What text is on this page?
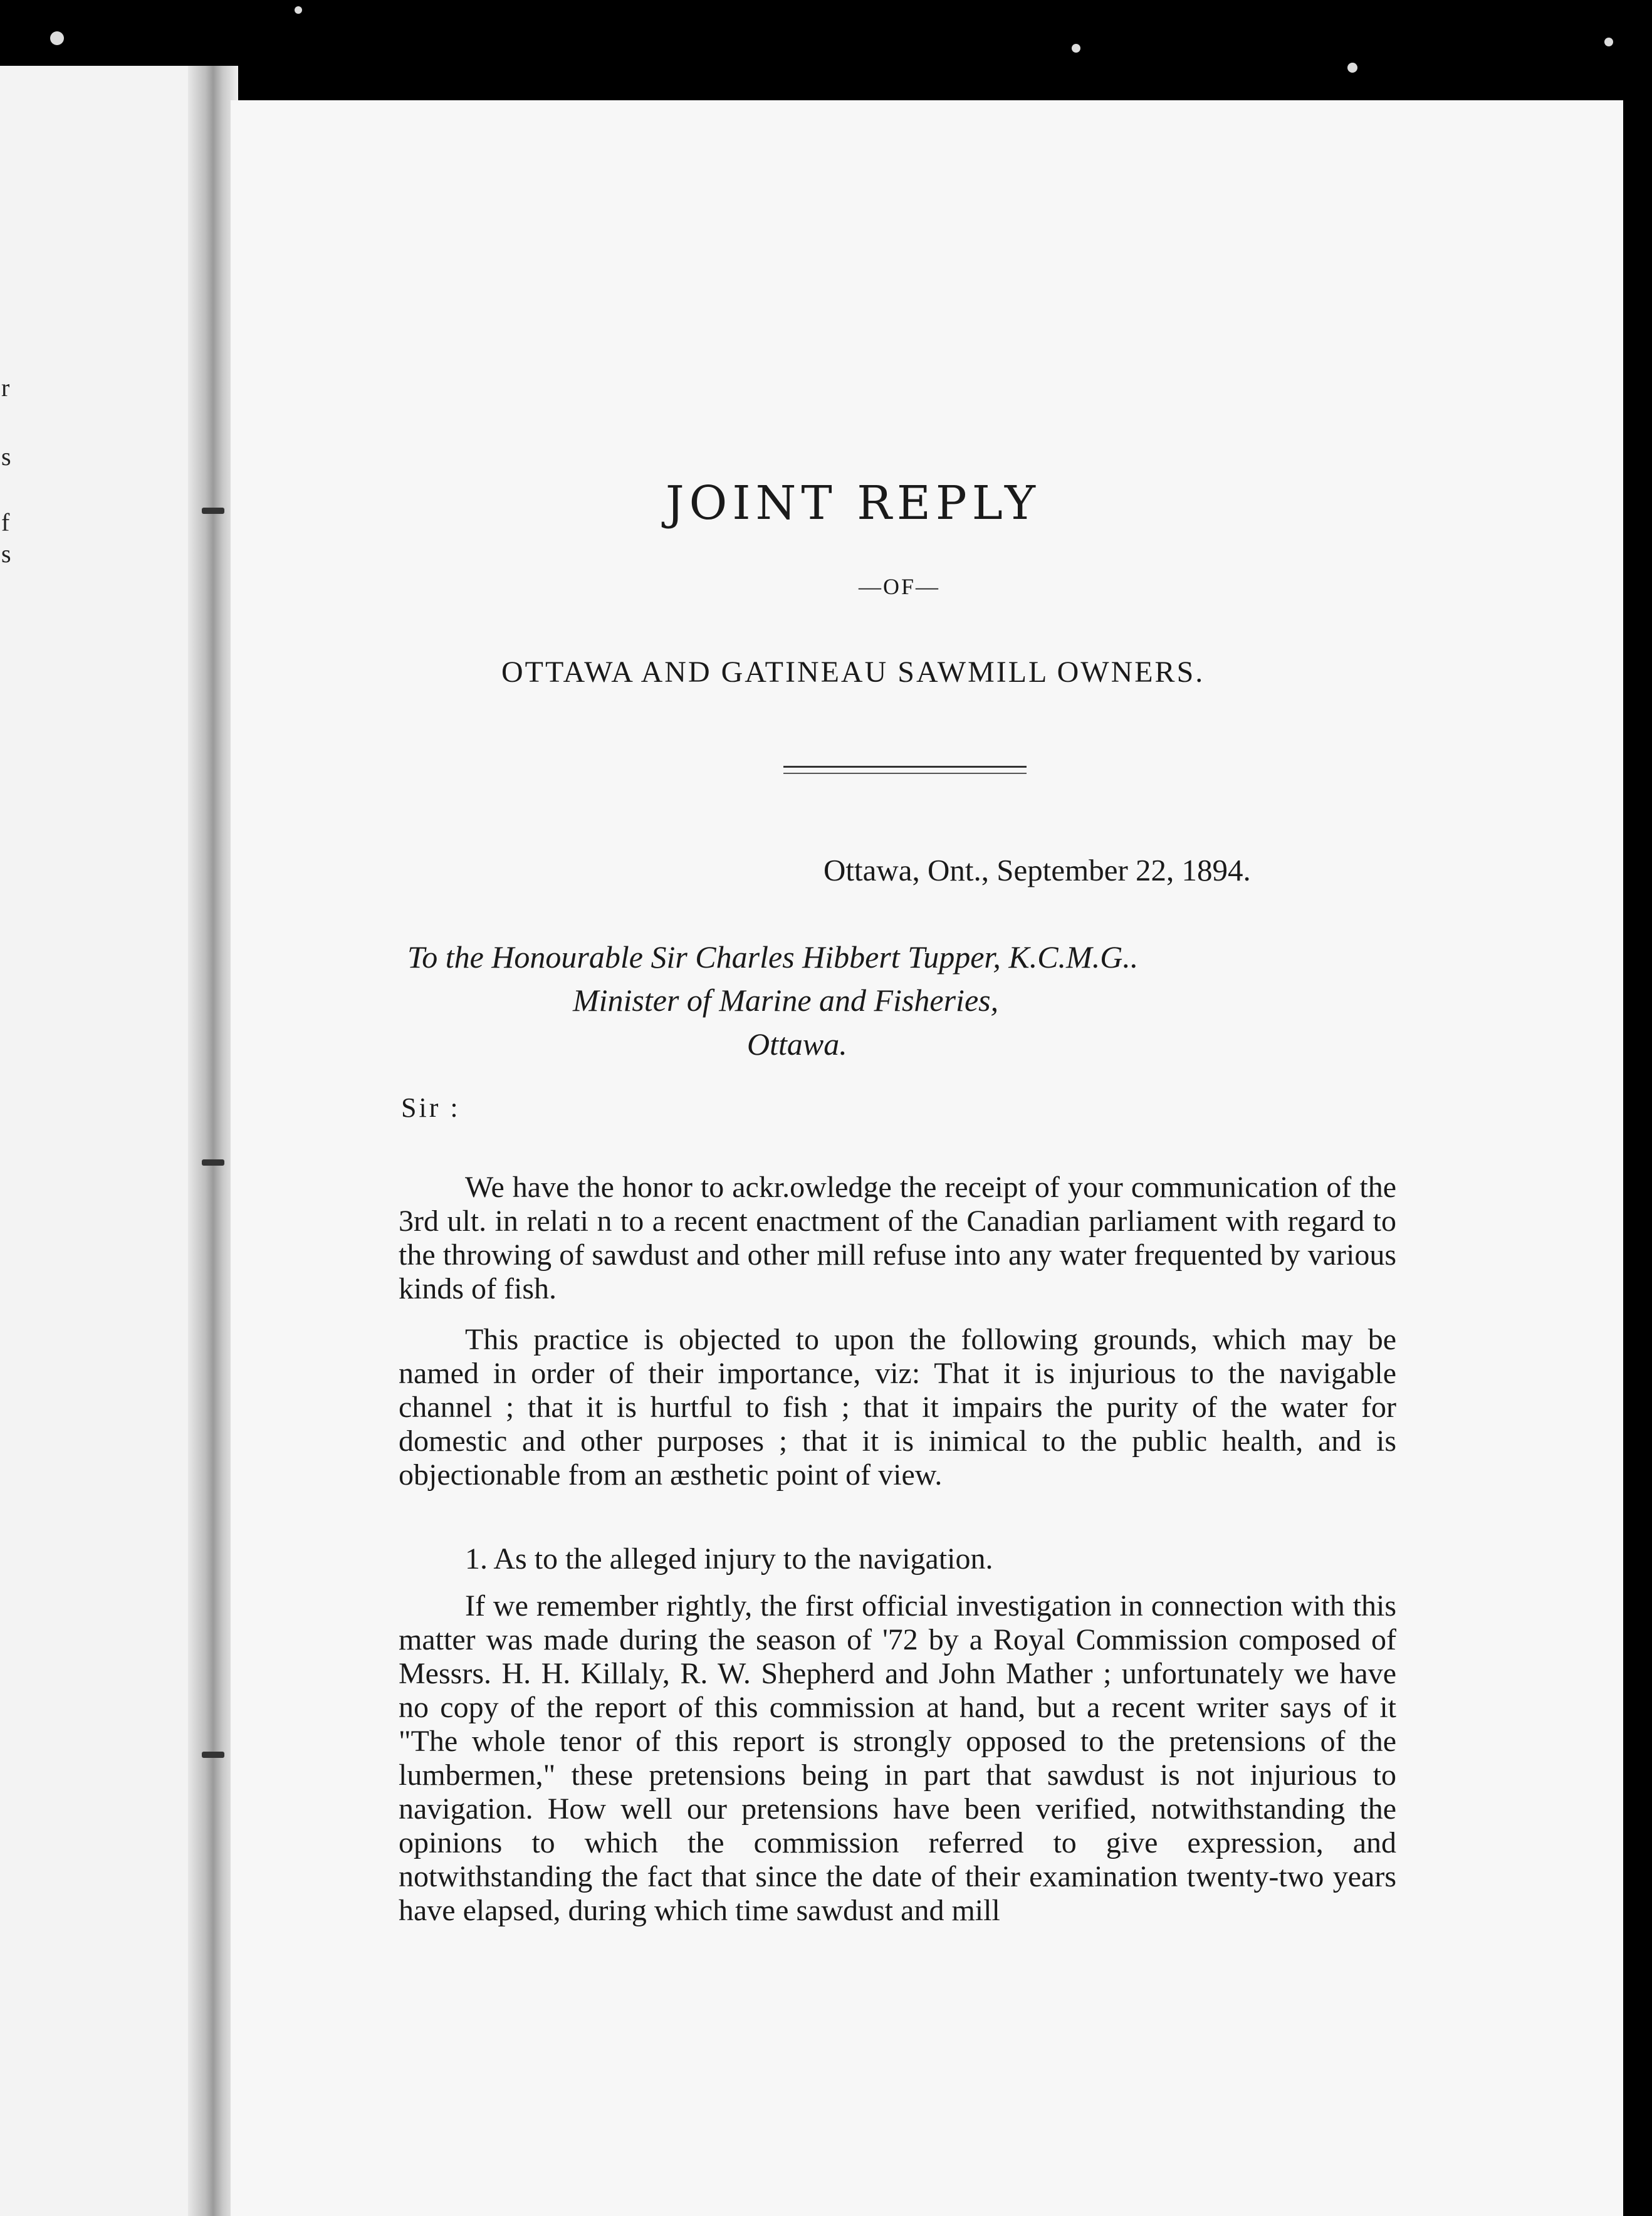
r
s
f
s
JOINT REPLY
—OF—
OTTAWA AND GATINEAU SAWMILL OWNERS.
Ottawa, Ont., September 22, 1894.
To the Honourable Sir Charles Hibbert Tupper, K.C.M.G..
Minister of Marine and Fisheries,
Ottawa.
Sir :

We have the honor to ackr.owledge the receipt of your communication of the 3rd ult. in relati n to a recent enactment of the Canadian parliament with regard to the throwing of sawdust and other mill refuse into any water frequented by various kinds of fish.

This practice is objected to upon the following grounds, which may be named in order of their importance, viz: That it is injurious to the navigable channel ; that it is hurtful to fish ; that it impairs the purity of the water for domestic and other purposes ; that it is inimical to the public health, and is objectionable from an æsthetic point of view.

1. As to the alleged injury to the navigation.

If we remember rightly, the first official investigation in connection with this matter was made during the season of '72 by a Royal Commission composed of Messrs. H. H. Killaly, R. W. Shepherd and John Mather ; unfortunately we have no copy of the report of this commission at hand, but a recent writer says of it "The whole tenor of this report is strongly opposed to the pretensions of the lumbermen," these pretensions being in part that sawdust is not injurious to navigation. How well our pretensions have been verified, notwithstanding the opinions to which the commission referred to give expression, and notwithstanding the fact that since the date of their examination twenty-two years have elapsed, during which time sawdust and mill
